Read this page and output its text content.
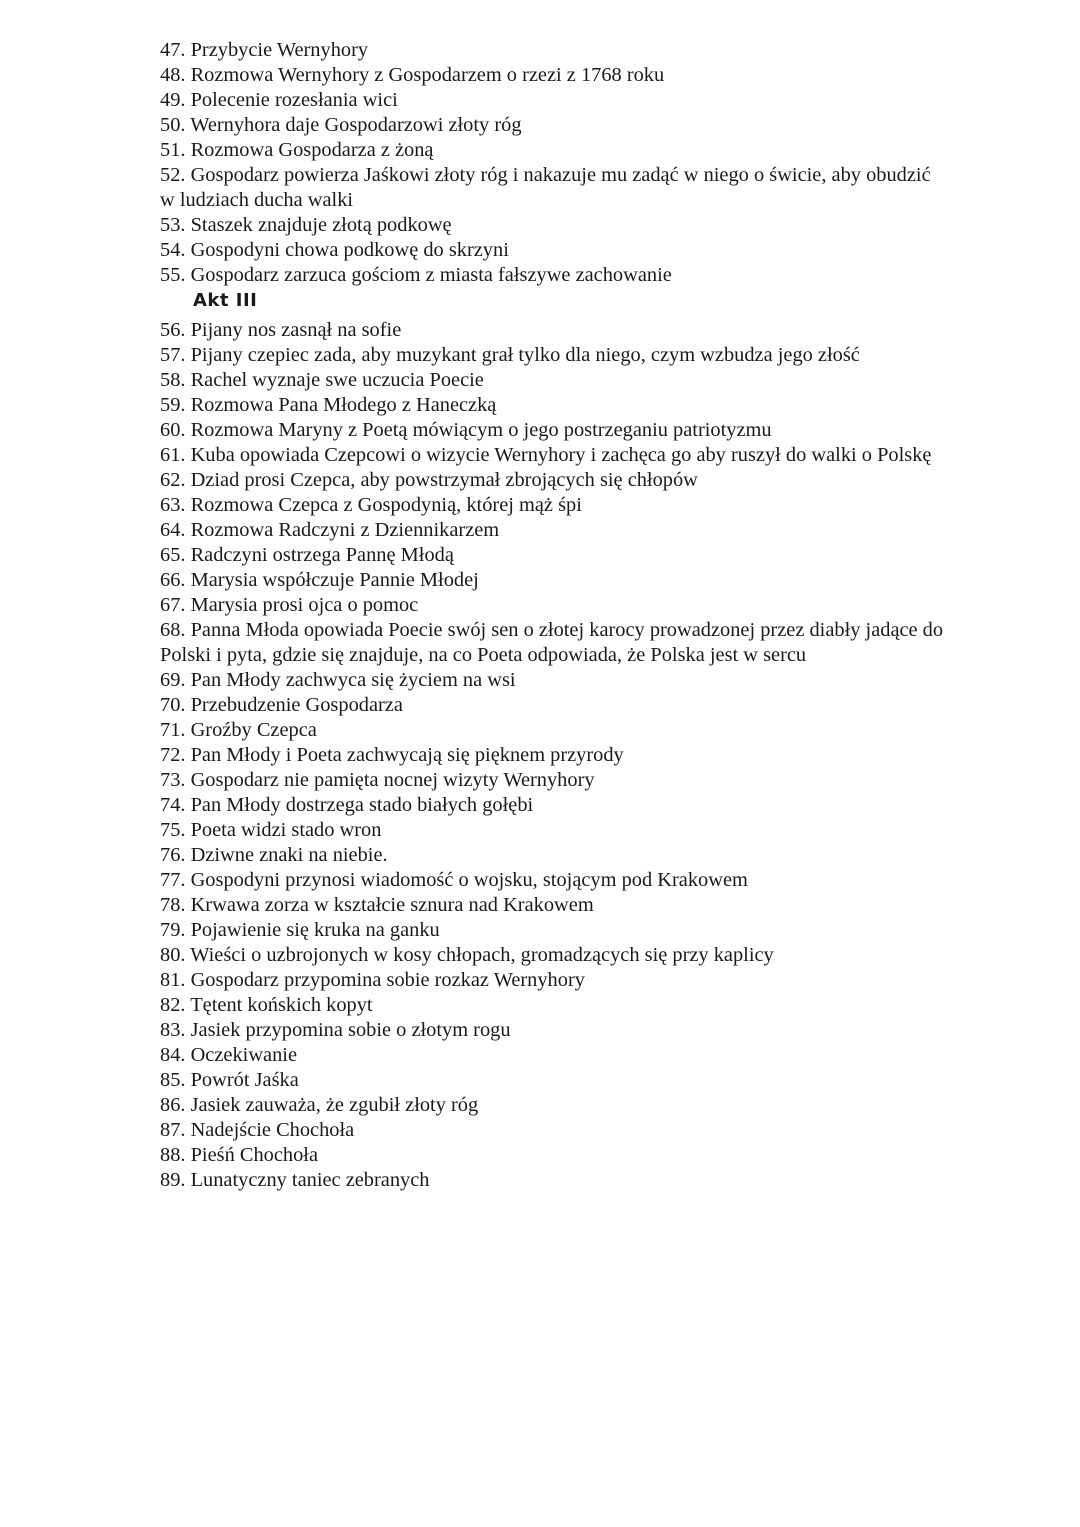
47. Przybycie Wernyhory
48. Rozmowa Wernyhory z Gospodarzem o rzezi z 1768 roku
49. Polecenie rozesłania wici
50. Wernyhora daje Gospodarzowi złoty róg
51. Rozmowa Gospodarza z żoną
52. Gospodarz powierza Jaśkowi złoty róg i nakazuje mu zadąć w niego o świcie, aby obudzić
w ludziach ducha walki
53. Staszek znajduje złotą podkowę
54. Gospodyni chowa podkowę do skrzyni
55. Gospodarz zarzuca gościom z miasta fałszywe zachowanie
Akt III
56. Pijany nos zasnął na sofie
57. Pijany czepiec zada, aby muzykant grał tylko dla niego, czym wzbudza jego złość
58. Rachel wyznaje swe uczucia Poecie
59. Rozmowa Pana Młodego z Haneczką
60. Rozmowa Maryny z Poetą mówiącym o jego postrzeganiu patriotyzmu
61. Kuba opowiada Czepcowi o wizycie Wernyhory i zachęca go aby ruszył do walki o Polskę
62. Dziad prosi Czepca, aby powstrzymał zbrojących się chłopów
63. Rozmowa Czepca z Gospodynią, której mąż śpi
64. Rozmowa Radczyni z Dziennikarzem
65. Radczyni ostrzega Pannę Młodą
66. Marysia współczuje Pannie Młodej
67. Marysia prosi ojca o pomoc
68. Panna Młoda opowiada Poecie swój sen o złotej karocy prowadzonej przez diabły jadące do
Polski i pyta, gdzie się znajduje, na co Poeta odpowiada, że Polska jest w sercu
69. Pan Młody zachwyca się życiem na wsi
70. Przebudzenie Gospodarza
71. Groźby Czepca
72. Pan Młody i Poeta zachwycają się pięknem przyrody
73. Gospodarz nie pamięta nocnej wizyty Wernyhory
74. Pan Młody dostrzega stado białych gołębi
75. Poeta widzi stado wron
76. Dziwne znaki na niebie.
77. Gospodyni przynosi wiadomość o wojsku, stojącym pod Krakowem
78. Krwawa zorza w kształcie sznura nad Krakowem
79. Pojawienie się kruka na ganku
80. Wieści o uzbrojonych w kosy chłopach, gromadzących się przy kaplicy
81. Gospodarz przypomina sobie rozkaz Wernyhory
82. Tętent końskich kopyt
83. Jasiek przypomina sobie o złotym rogu
84. Oczekiwanie
85. Powrót Jaśka
86. Jasiek zauważa, że zgubił złoty róg
87. Nadejście Chochoła
88. Pieśń Chochoła
89. Lunatyczny taniec zebranych
